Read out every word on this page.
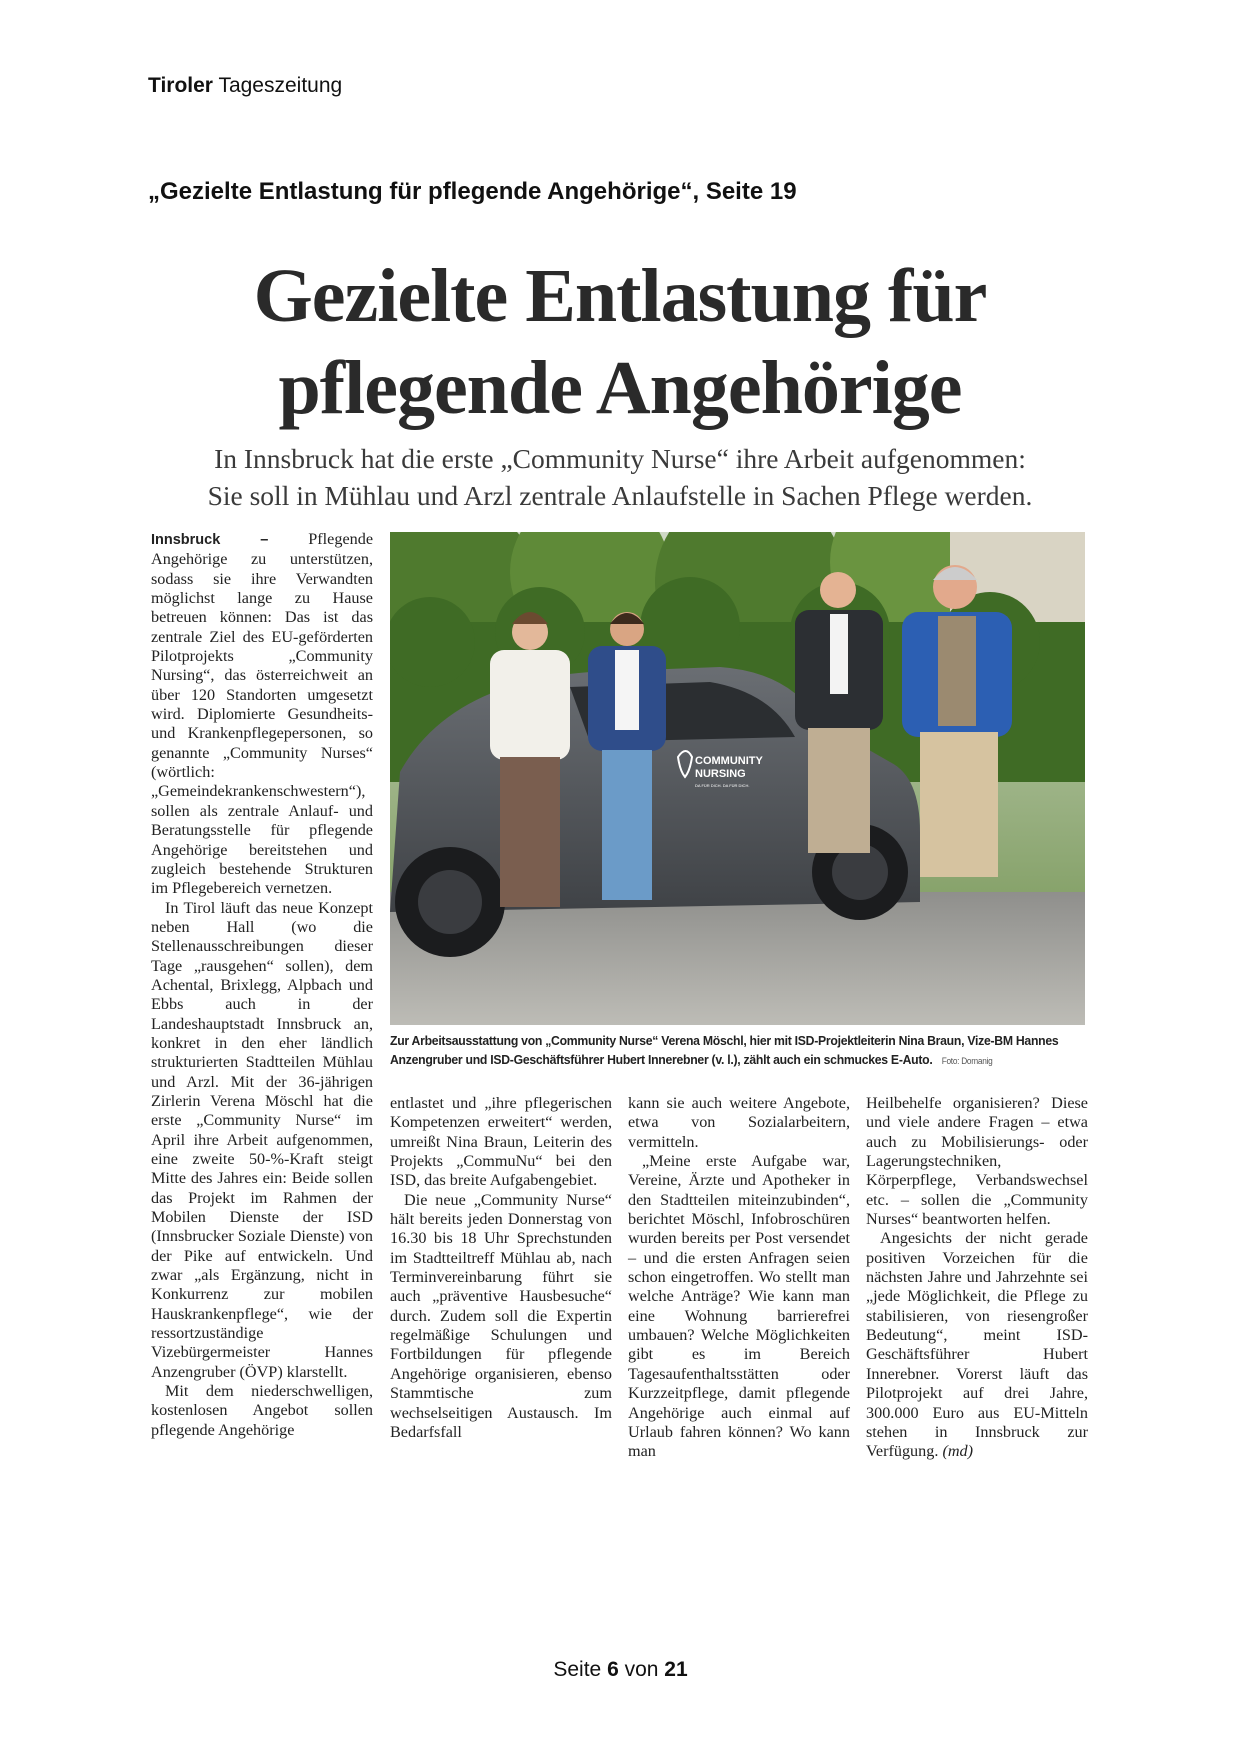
Tiroler Tageszeitung
„Gezielte Entlastung für pflegende Angehörige“, Seite 19
Gezielte Entlastung für
pflegende Angehörige
In Innsbruck hat die erste „Community Nurse“ ihre Arbeit aufgenommen:
Sie soll in Mühlau und Arzl zentrale Anlaufstelle in Sachen Pflege werden.

Innsbruck – Pflegende Angehörige zu unterstützen, sodass sie ihre Verwandten möglichst lange zu Hause betreuen können: Das ist das zentrale Ziel des EU-geförderten Pilotprojekts „Community Nursing“, das österreichweit an über 120 Standorten umgesetzt wird. Diplomierte Gesundheits- und Krankenpflegepersonen, so genannte „Community Nurses“ (wörtlich: „Gemeindekrankenschwestern“), sollen als zentrale Anlauf- und Beratungsstelle für pflegende Angehörige bereitstehen und zugleich bestehende Strukturen im Pflegebereich vernetzen.

In Tirol läuft das neue Konzept neben Hall (wo die Stellenausschreibungen dieser Tage „rausgehen“ sollen), dem Achental, Brixlegg, Alpbach und Ebbs auch in der Landeshauptstadt Innsbruck an, konkret in den eher ländlich strukturierten Stadtteilen Mühlau und Arzl. Mit der 36-jährigen Zirlerin Verena Möschl hat die erste „Community Nurse“ im April ihre Arbeit aufgenommen, eine zweite 50-%-Kraft steigt Mitte des Jahres ein: Beide sollen das Projekt im Rahmen der Mobilen Dienste der ISD (Innsbrucker Soziale Dienste) von der Pike auf entwickeln. Und zwar „als Ergänzung, nicht in Konkurrenz zur mobilen Hauskrankenpflege“, wie der ressortzuständige Vizebürgermeister Hannes Anzengruber (ÖVP) klarstellt.

Mit dem niederschwelligen, kostenlosen Angebot sollen pflegende Angehörige

COMMUNITY
NURSING
DA FÜR DICH. DA FÜR DICH.
Zur Arbeitsausstattung von „Community Nurse“ Verena Möschl, hier mit ISD-Projektleiterin Nina Braun, Vize-BM Hannes Anzengruber und ISD-Geschäftsführer Hubert Innerebner (v. l.), zählt auch ein schmuckes E-Auto. Foto: Domanig

entlastet und „ihre pflegerischen Kompetenzen erweitert“ werden, umreißt Nina Braun, Leiterin des Projekts „CommuNu“ bei den ISD, das breite Aufgabengebiet.

Die neue „Community Nurse“ hält bereits jeden Donnerstag von 16.30 bis 18 Uhr Sprechstunden im Stadtteiltreff Mühlau ab, nach Terminvereinbarung führt sie auch „präventive Hausbesuche“ durch. Zudem soll die Expertin regelmäßige Schulungen und Fortbildungen für pflegende Angehörige organisieren, ebenso Stammtische zum wechselseitigen Austausch. Im Bedarfsfall

kann sie auch weitere Angebote, etwa von Sozialarbeitern, vermitteln.

„Meine erste Aufgabe war, Vereine, Ärzte und Apotheker in den Stadtteilen miteinzubinden“, berichtet Möschl, Infobroschüren wurden bereits per Post versendet – und die ersten Anfragen seien schon eingetroffen. Wo stellt man welche Anträge? Wie kann man eine Wohnung barrierefrei umbauen? Welche Möglichkeiten gibt es im Bereich Tagesaufenthaltsstätten oder Kurzzeitpflege, damit pflegende Angehörige auch einmal auf Urlaub fahren können? Wo kann man

Heilbehelfe organisieren? Diese und viele andere Fragen – etwa auch zu Mobilisierungs- oder Lagerungstechniken, Körperpflege, Verbandswechsel etc. – sollen die „Community Nurses“ beantworten helfen.

Angesichts der nicht gerade positiven Vorzeichen für die nächsten Jahre und Jahrzehnte sei „jede Möglichkeit, die Pflege zu stabilisieren, von riesengroßer Bedeutung“, meint ISD-Geschäftsführer Hubert Innerebner. Vorerst läuft das Pilotprojekt auf drei Jahre, 300.000 Euro aus EU-Mitteln stehen in Innsbruck zur Verfügung. (md)

Seite 6 von 21
